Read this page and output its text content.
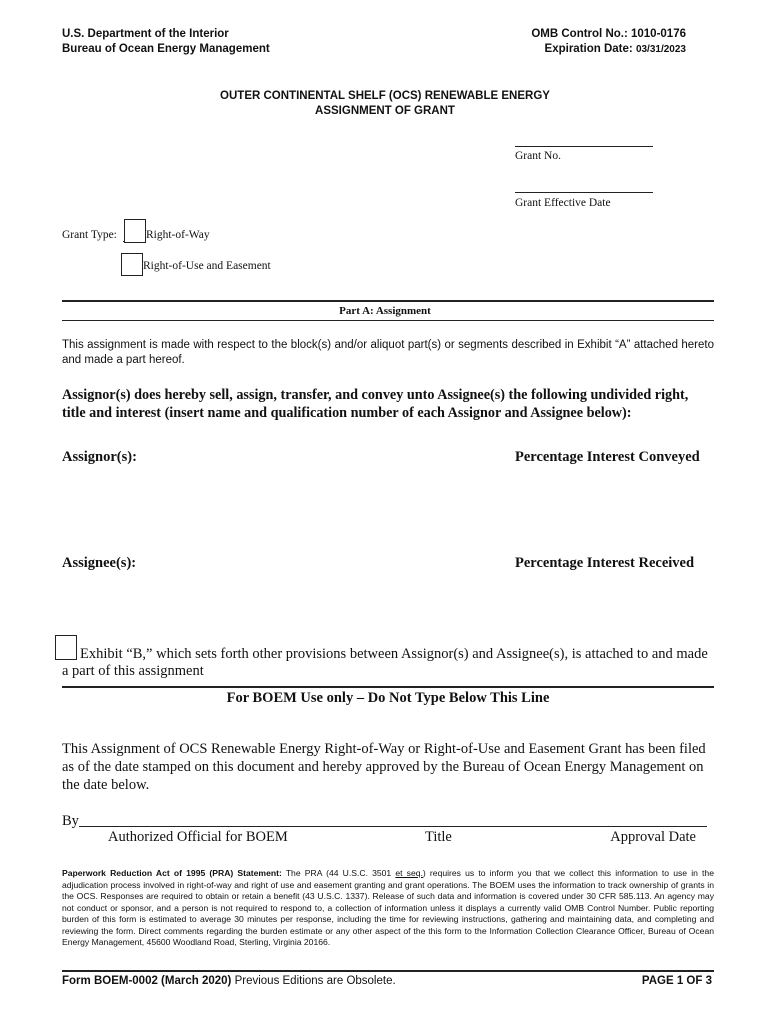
U.S. Department of the Interior
Bureau of Ocean Energy Management
OMB Control No.: 1010-0176
Expiration Date: 03/31/2023
OUTER CONTINENTAL SHELF (OCS) RENEWABLE ENERGY
ASSIGNMENT OF GRANT
Grant No.
Grant Effective Date
Grant Type:	Right-of-Way
Right-of-Use and Easement
Part A: Assignment
This assignment is made with respect to the block(s) and/or aliquot part(s) or segments described in Exhibit “A” attached hereto and made a part hereof.
Assignor(s) does hereby sell, assign, transfer, and convey unto Assignee(s) the following undivided right, title and interest (insert name and qualification number of each Assignor and Assignee below):
Assignor(s):	Percentage Interest Conveyed
Assignee(s):	Percentage Interest Received
Exhibit “B,” which sets forth other provisions between Assignor(s) and Assignee(s), is attached to and made a part of this assignment
For BOEM Use only – Do Not Type Below This Line
This Assignment of OCS Renewable Energy Right-of-Way or Right-of-Use and Easement Grant has been filed as of the date stamped on this document and hereby approved by the Bureau of Ocean Energy Management on the date below.
By
Authorized Official for BOEM	Title	Approval Date
Paperwork Reduction Act of 1995 (PRA) Statement: The PRA (44 U.S.C. 3501 et seq.) requires us to inform you that we collect this information to use in the adjudication process involved in right-of-way and right of use and easement granting and grant operations. The BOEM uses the information to track ownership of grants in the OCS. Responses are required to obtain or retain a benefit (43 U.S.C. 1337). Release of such data and information is covered under 30 CFR 585.113. An agency may not conduct or sponsor, and a person is not required to respond to, a collection of information unless it displays a currently valid OMB Control Number. Public reporting burden of this form is estimated to average 30 minutes per response, including the time for reviewing instructions, gathering and maintaining data, and completing and reviewing the form. Direct comments regarding the burden estimate or any other aspect of the this form to the Information Collection Clearance Officer, Bureau of Ocean Energy Management, 45600 Woodland Road, Sterling, Virginia 20166.
Form BOEM-0002 (March 2020) Previous Editions are Obsolete.	PAGE 1 OF 3
